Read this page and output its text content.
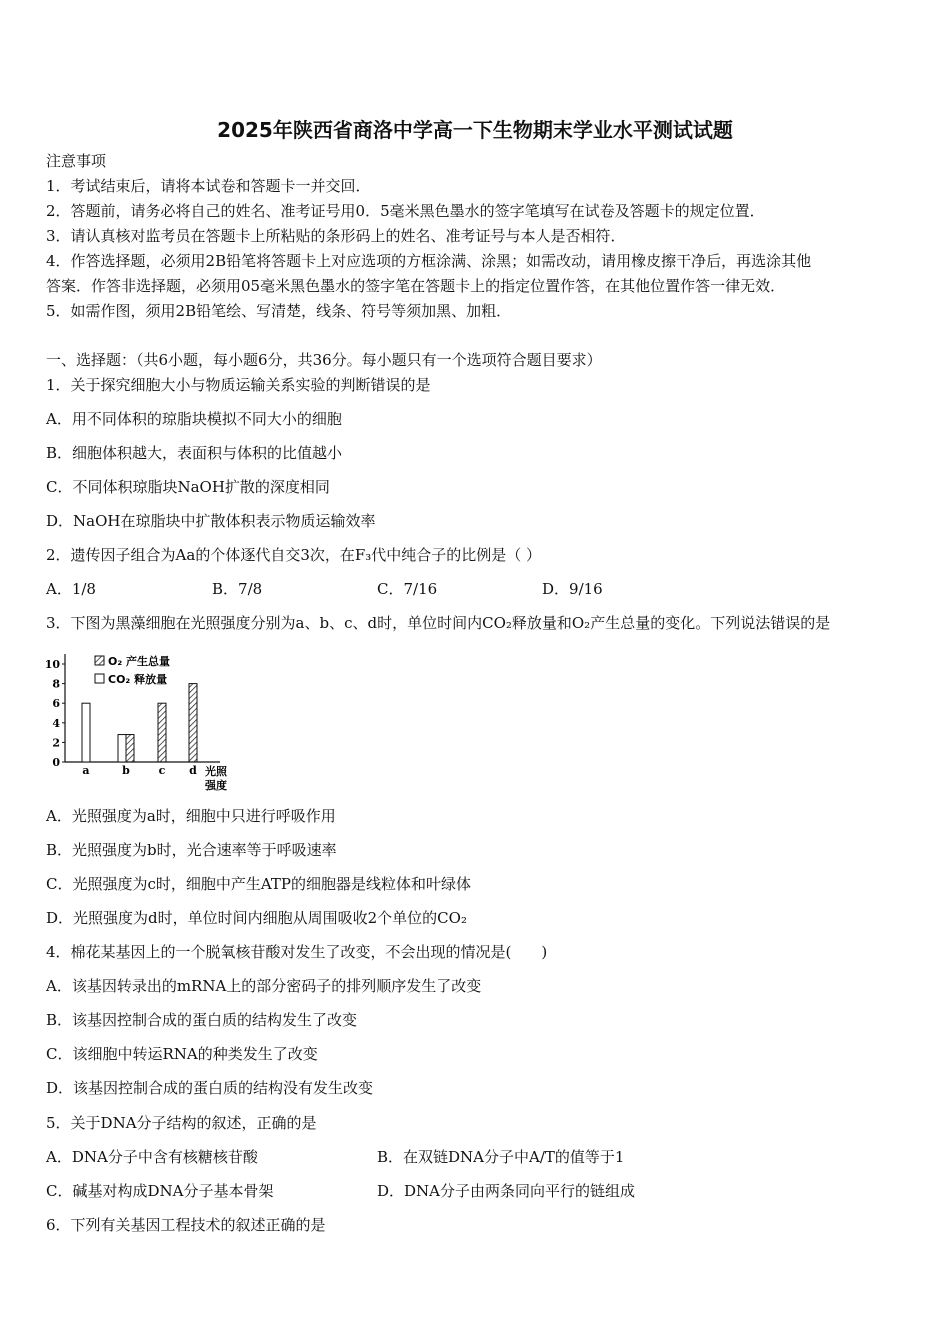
2025年陕西省商洛中学高一下生物期末学业水平测试试题
注意事项
1．考试结束后，请将本试卷和答题卡一并交回．
2．答题前，请务必将自己的姓名、准考证号用0．5毫米黑色墨水的签字笔填写在试卷及答题卡的规定位置．
3．请认真核对监考员在答题卡上所粘贴的条形码上的姓名、准考证号与本人是否相符．
4．作答选择题，必须用2B铅笔将答题卡上对应选项的方框涂满、涂黑；如需改动，请用橡皮擦干净后，再选涂其他
答案．作答非选择题，必须用05毫米黑色墨水的签字笔在答题卡上的指定位置作答，在其他位置作答一律无效．
5．如需作图，须用2B铅笔绘、写清楚，线条、符号等须加黑、加粗．
一、选择题：（共6小题，每小题6分，共36分。每小题只有一个选项符合题目要求）
1．关于探究细胞大小与物质运输关系实验的判断错误的是
A．用不同体积的琼脂块模拟不同大小的细胞
B．细胞体积越大，表面积与体积的比值越小
C．不同体积琼脂块NaOH扩散的深度相同
D．NaOH在琼脂块中扩散体积表示物质运输效率
2．遗传因子组合为Aa的个体逐代自交3次，在F₃代中纯合子的比例是（ ）
A．1/8	B．7/8	C．7/16	D．9/16
3．下图为黑藻细胞在光照强度分别为a、b、c、d时，单位时间内CO₂释放量和O₂产生总量的变化。下列说法错误的是
0
2
4
6
8
10
a	b	c d 光照
强度
O₂ 产生总量
CO₂ 释放量
A．光照强度为a时，细胞中只进行呼吸作用
B．光照强度为b时，光合速率等于呼吸速率
C．光照强度为c时，细胞中产生ATP的细胞器是线粒体和叶绿体
D．光照强度为d时，单位时间内细胞从周围吸收2个单位的CO₂
4．棉花某基因上的一个脱氧核苷酸对发生了改变，不会出现的情况是(　　)
A．该基因转录出的mRNA上的部分密码子的排列顺序发生了改变
B．该基因控制合成的蛋白质的结构发生了改变
C．该细胞中转运RNA的种类发生了改变
D．该基因控制合成的蛋白质的结构没有发生改变
5．关于DNA分子结构的叙述，正确的是
A．DNA分子中含有核糖核苷酸	B．在双链DNA分子中A/T的值等于1
C．碱基对构成DNA分子基本骨架	D．DNA分子由两条同向平行的链组成
6．下列有关基因工程技术的叙述正确的是
